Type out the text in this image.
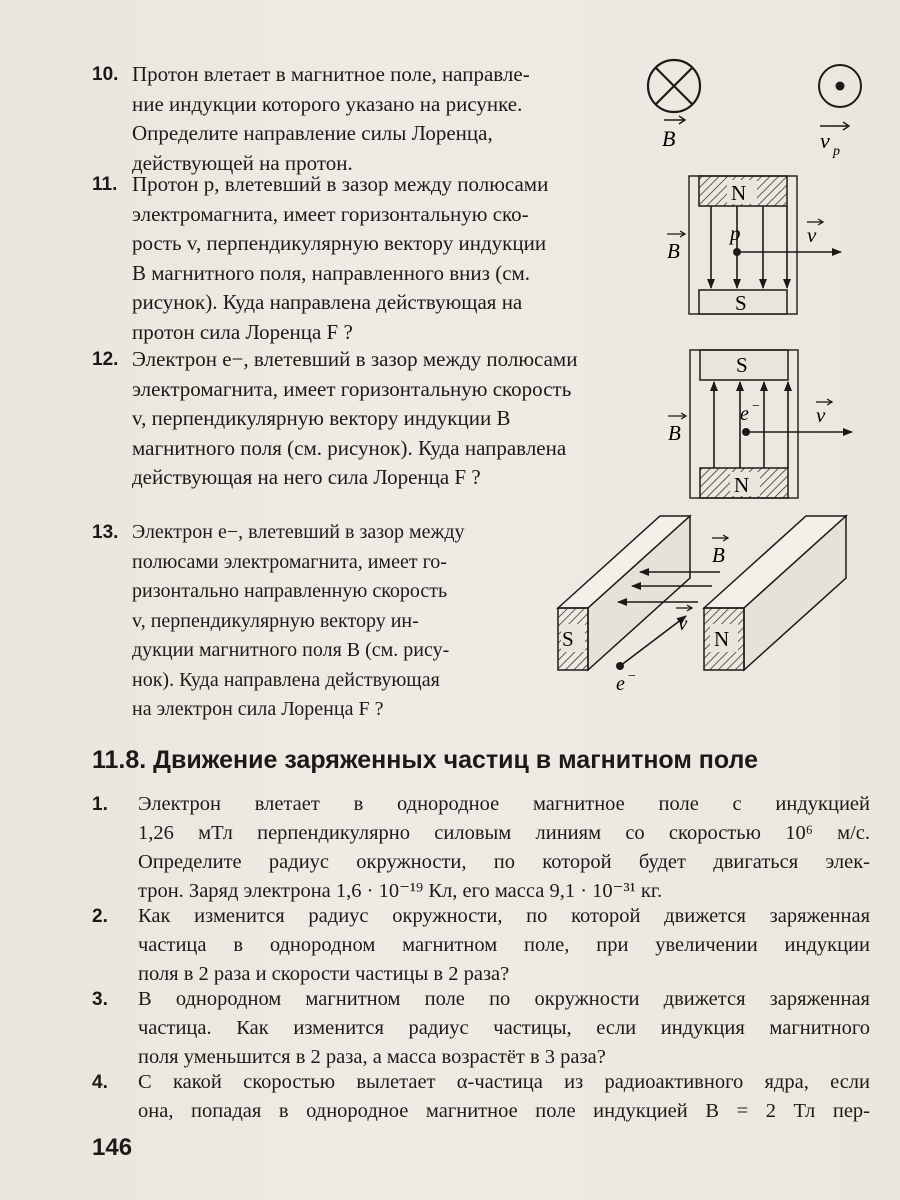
10. Протон влетает в магнитное поле, направле-
ние индукции которого указано на рисунке.
Определите направление силы Лоренца,
действующей на протон.
11. Протон p, влетевший в зазор между полюсами
электромагнита, имеет горизонтальную ско-
рость v, перпендикулярную вектору индукции
B магнитного поля, направленного вниз (см.
рисунок). Куда направлена действующая на
протон сила Лоренца F ?
12. Электрон e−, влетевший в зазор между полюсами
электромагнита, имеет горизонтальную скорость
v, перпендикулярную вектору индукции B
магнитного поля (см. рисунок). Куда направлена
действующая на него сила Лоренца F ?
13. Электрон e−, влетевший в зазор между
полюсами электромагнита, имеет го-
ризонтально направленную скорость
v, перпендикулярную вектору ин-
дукции магнитного поля B (см. рису-
нок). Куда направлена действующая
на электрон сила Лоренца F ?
B	v p
N
S
p	v
B
S
N
e −	v
B
S	N
B
e −
v
11.8. Движение заряженных частиц в магнитном поле
1. Электрон влетает в однородное магнитное поле с индукцией
1,26 мТл перпендикулярно силовым линиям со скоростью 10⁶ м/с.
Определите радиус окружности, по которой будет двигаться элек-
трон. Заряд электрона 1,6 · 10⁻¹⁹ Кл, его масса 9,1 · 10⁻³¹ кг.
2. Как изменится радиус окружности, по которой движется заряженная
частица в однородном магнитном поле, при увеличении индукции
поля в 2 раза и скорости частицы в 2 раза?
3. В однородном магнитном поле по окружности движется заряженная
частица. Как изменится радиус частицы, если индукция магнитного
поля уменьшится в 2 раза, а масса возрастёт в 3 раза?
4. С какой скоростью вылетает α-частица из радиоактивного ядра, если
она, попадая в однородное магнитное поле индукцией B = 2 Тл пер-
146
